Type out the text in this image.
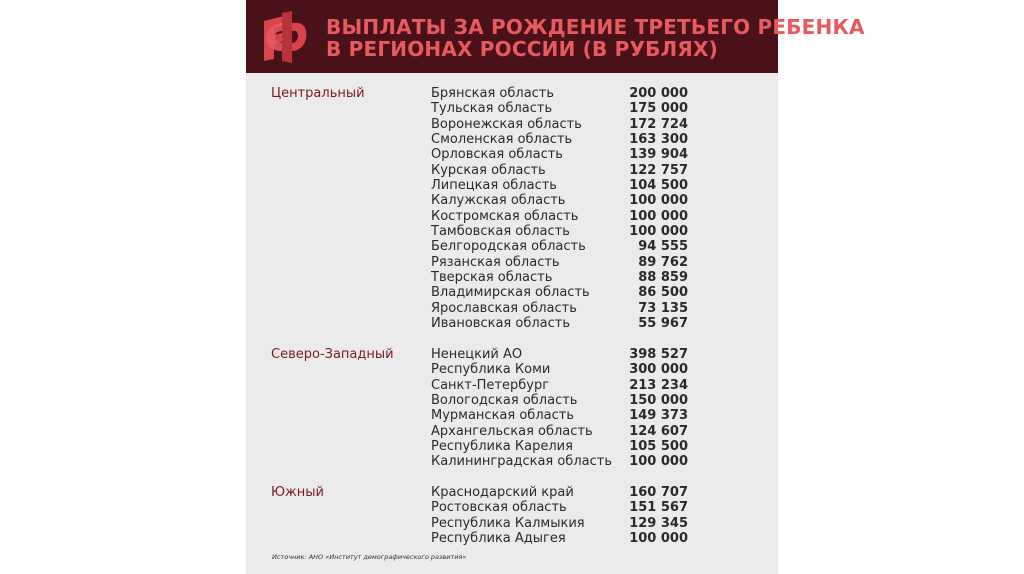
ВЫПЛАТЫ ЗА РОЖДЕНИЕ ТРЕТЬЕГО РЕБЕНКА
В РЕГИОНАХ РОССИИ (В РУБЛЯХ)
Центральный	Брянская область	200 000
Тульская область	175 000
Воронежская область	172 724
Смоленская область	163 300
Орловская область	139 904
Курская область	122 757
Липецкая область	104 500
Калужская область	100 000
Костромская область	100 000
Тамбовская область	100 000
Белгородская область	94 555
Рязанская область	89 762
Тверская область	88 859
Владимирская область	86 500
Ярославская область	73 135
Ивановская область	55 967
Северо-Западный	Ненецкий АО	398 527
Республика Коми	300 000
Санкт-Петербург	213 234
Вологодская область	150 000
Мурманская область	149 373
Архангельская область	124 607
Республика Карелия	105 500
Калининградская область 100 000
Южный	Краснодарский край	160 707
Ростовская область	151 567
Республика Калмыкия	129 345
Республика Адыгея	100 000
Источник: АНО «Институт демографического развития»
